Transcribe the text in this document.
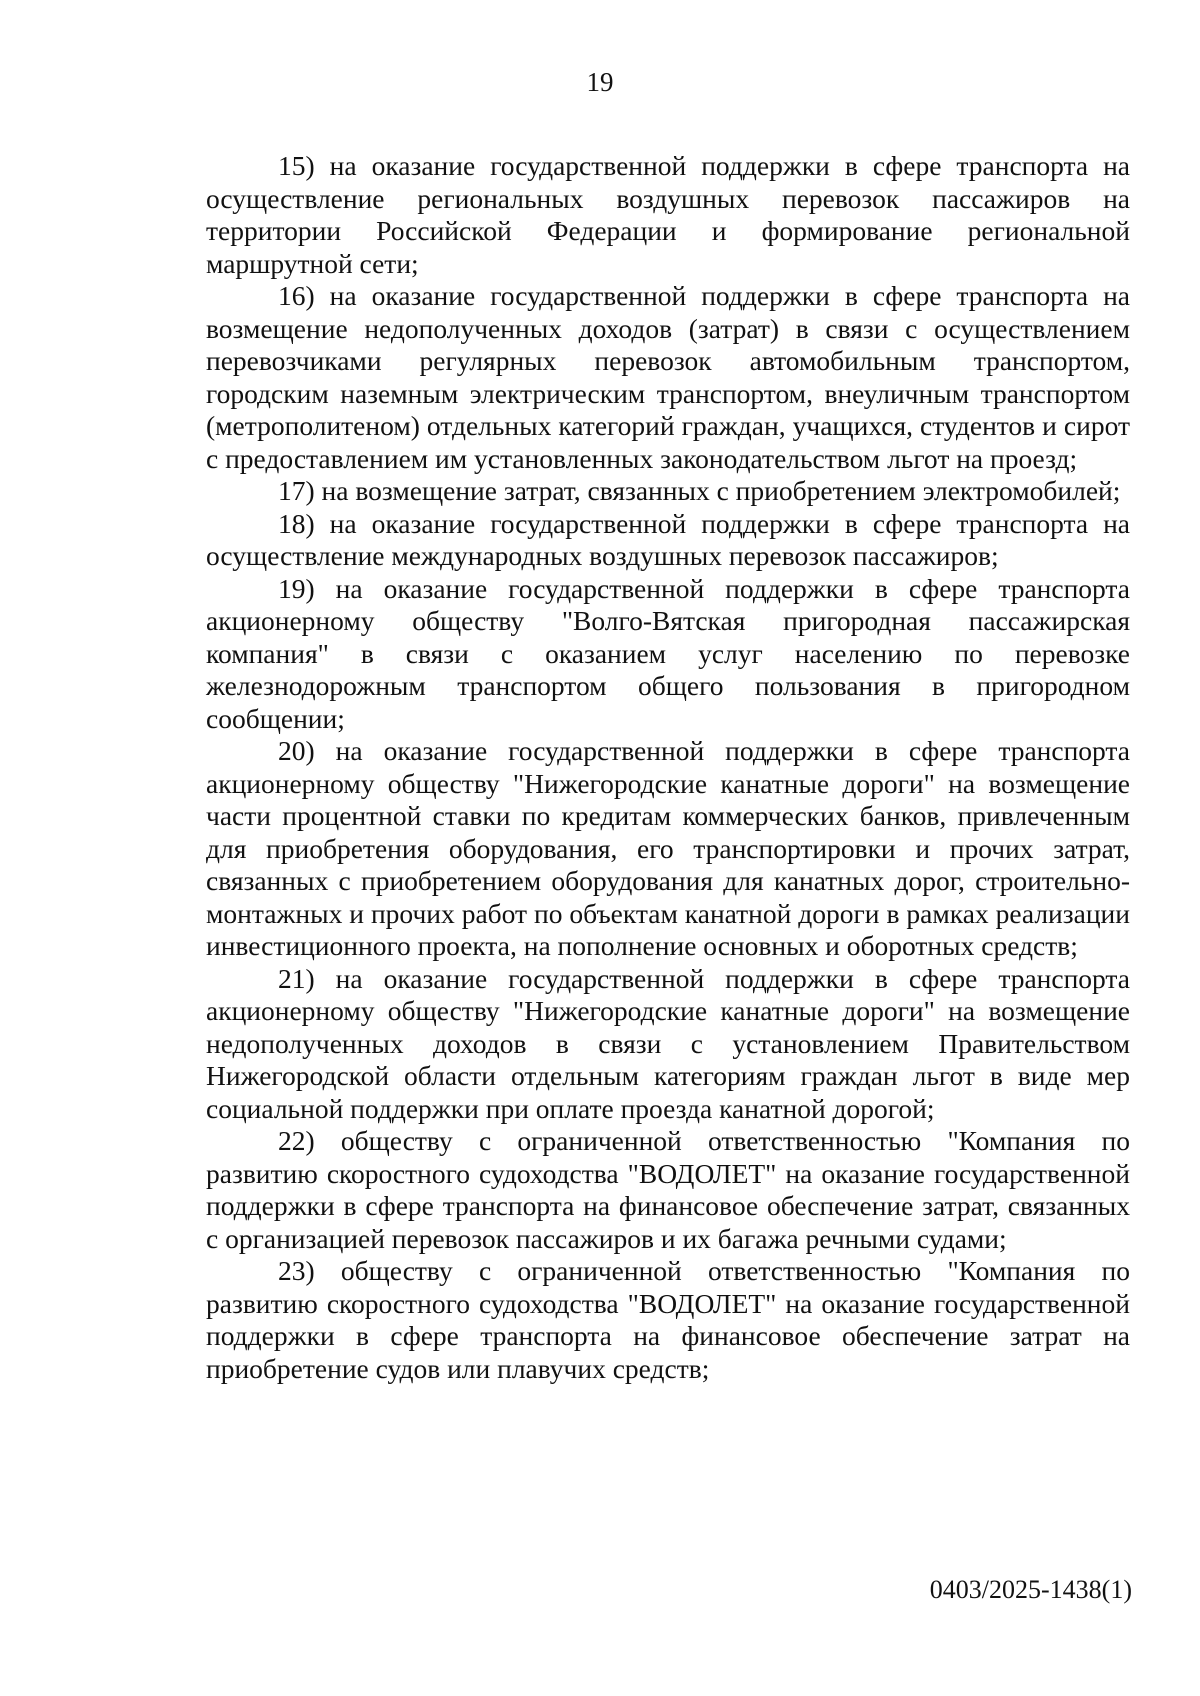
19

15) на оказание государственной поддержки в сфере транспорта на осуществление региональных воздушных перевозок пассажиров на территории Российской Федерации и формирование региональной маршрутной сети;

16) на оказание государственной поддержки в сфере транспорта на возмещение недополученных доходов (затрат) в связи с осуществлением перевозчиками регулярных перевозок автомобильным транспортом, городским наземным электрическим транспортом, внеуличным транспортом (метрополитеном) отдельных категорий граждан, учащихся, студентов и сирот с предоставлением им установленных законодательством льгот на проезд;

17) на возмещение затрат, связанных с приобретением электромобилей;

18) на оказание государственной поддержки в сфере транспорта на осуществление международных воздушных перевозок пассажиров;

19) на оказание государственной поддержки в сфере транспорта акционерному обществу "Волго-Вятская пригородная пассажирская компания" в связи с оказанием услуг населению по перевозке железнодорожным транспортом общего пользования в пригородном сообщении;

20) на оказание государственной поддержки в сфере транспорта акционерному обществу "Нижегородские канатные дороги" на возмещение части процентной ставки по кредитам коммерческих банков, привлеченным для приобретения оборудования, его транспортировки и прочих затрат, связанных с приобретением оборудования для канатных дорог, строительно-монтажных и прочих работ по объектам канатной дороги в рамках реализации инвестиционного проекта, на пополнение основных и оборотных средств;

21) на оказание государственной поддержки в сфере транспорта акционерному обществу "Нижегородские канатные дороги" на возмещение недополученных доходов в связи с установлением Правительством Нижегородской области отдельным категориям граждан льгот в виде мер социальной поддержки при оплате проезда канатной дорогой;

22) обществу с ограниченной ответственностью "Компания по развитию скоростного судоходства "ВОДОЛЕТ" на оказание государственной поддержки в сфере транспорта на финансовое обеспечение затрат, связанных с организацией перевозок пассажиров и их багажа речными судами;

23) обществу с ограниченной ответственностью "Компания по развитию скоростного судоходства "ВОДОЛЕТ" на оказание государственной поддержки в сфере транспорта на финансовое обеспечение затрат на приобретение судов или плавучих средств;

0403/2025-1438(1)
